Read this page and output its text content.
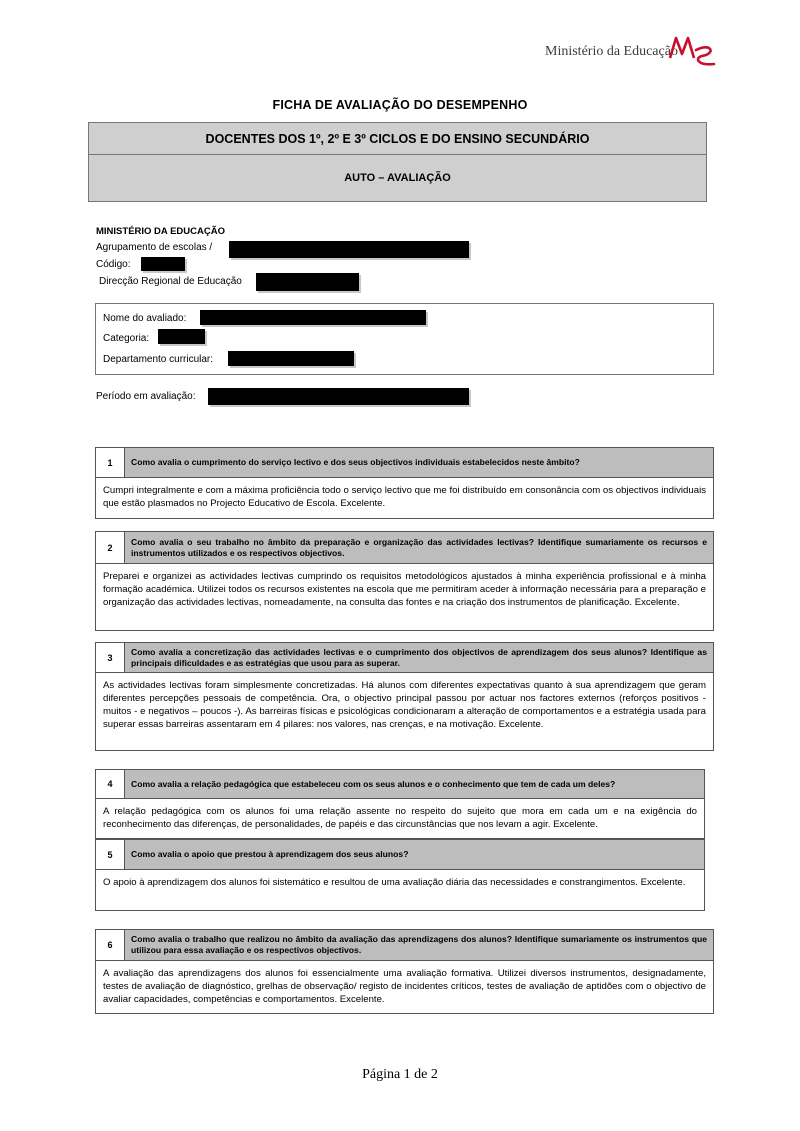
Ministério da Educação
FICHA DE AVALIAÇÃO DO DESEMPENHO
DOCENTES DOS 1º, 2º E 3º CICLOS E DO ENSINO SECUNDÁRIO
AUTO – AVALIAÇÃO
MINISTÉRIO DA EDUCAÇÃO
Agrupamento de escolas /
Código:
Direcção Regional de Educação
Nome do avaliado:
Categoria:
Departamento curricular:
Período em avaliação:
1	Como avalia o cumprimento do serviço lectivo e dos seus objectivos individuais estabelecidos neste âmbito?
Cumpri integralmente e com a máxima proficiência todo o serviço lectivo que me foi distribuído em consonância com os objectivos individuais que estão plasmados no Projecto Educativo de Escola. Excelente.
2
Como avalia o seu trabalho no âmbito da preparação e organização das actividades lectivas? Identifique sumariamente os recursos e instrumentos utilizados e os respectivos objectivos.
Preparei e organizei as actividades lectivas cumprindo os requisitos metodológicos ajustados à minha experiência profissional e à minha formação académica. Utilizei todos os recursos existentes na escola que me permitiram aceder à informação necessária para a preparação e organização das actividades lectivas, nomeadamente, na consulta das fontes e na criação dos instrumentos de planificação. Excelente.
3
Como avalia a concretização das actividades lectivas e o cumprimento dos objectivos de aprendizagem dos seus alunos? Identifique as principais dificuldades e as estratégias que usou para as superar.
As actividades lectivas foram simplesmente concretizadas. Há alunos com diferentes expectativas quanto à sua aprendizagem que geram diferentes percepções pessoais de competência. Ora, o objectivo principal passou por actuar nos factores externos (reforços positivos - muitos - e negativos – poucos -). As barreiras físicas e psicológicas condicionaram a alteração de comportamentos e a estratégia usada para superar essas barreiras assentaram em 4 pilares: nos valores, nas crenças, e na motivação. Excelente.
4	Como avalia a relação pedagógica que estabeleceu com os seus alunos e o conhecimento que tem de cada um deles?
A relação pedagógica com os alunos foi uma relação assente no respeito do sujeito que mora em cada um e na exigência do reconhecimento das diferenças, de personalidades, de papéis e das circunstâncias que nos levam a agir. Excelente.
5	Como avalia o apoio que prestou à aprendizagem dos seus alunos?
O apoio à aprendizagem dos alunos foi sistemático e resultou de uma avaliação diária das necessidades e constrangimentos. Excelente.
6
Como avalia o trabalho que realizou no âmbito da avaliação das aprendizagens dos alunos? Identifique sumariamente os instrumentos que utilizou para essa avaliação e os respectivos objectivos.
A avaliação das aprendizagens dos alunos foi essencialmente uma avaliação formativa. Utilizei diversos instrumentos, designadamente, testes de avaliação de diagnóstico, grelhas de observação/ registo de incidentes críticos, testes de avaliação de aptidões com o objectivo de avaliar capacidades, competências e comportamentos. Excelente.
Página 1 de 2
